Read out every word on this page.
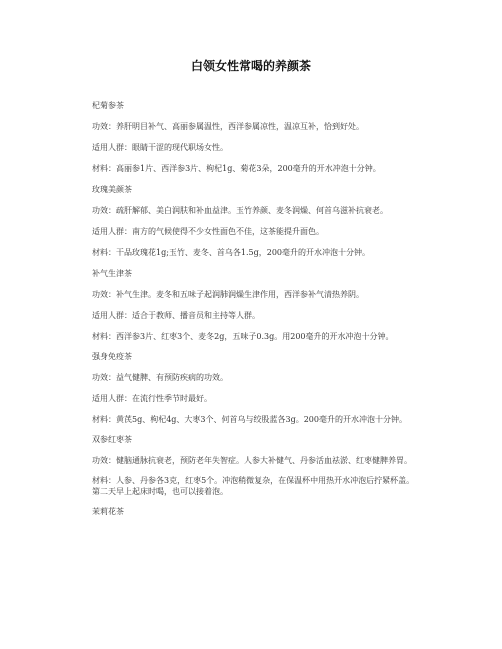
白领女性常喝的养颜茶

杞菊参茶

功效：养肝明目补气、高丽参属温性，西洋参属凉性，温凉互补，恰到好处。

适用人群：眼睛干涩的现代职场女性。

材料：高丽参1片、西洋参3片、枸杞1g、菊花3朵，200毫升的开水冲泡十分钟。

玫瑰美颜茶

功效：疏肝解郁、美白润肤和补血益津。玉竹养颜、麦冬润燥、何首乌滋补抗衰老。

适用人群：南方的气候使得不少女性面色不佳，这茶能提升面色。

材料：干品玫瑰花1g;玉竹、麦冬、首乌各1.5g，200毫升的开水冲泡十分钟。

补气生津茶

功效：补气生津。麦冬和五味子起润肺润燥生津作用，西洋参补气清热养阴。

适用人群：适合于教师、播音员和主持等人群。

材料：西洋参3片、红枣3个、麦冬2g，五味子0.3g。用200毫升的开水冲泡十分钟。

强身免疫茶

功效：益气健脾、有预防疾病的功效。

适用人群：在流行性季节时最好。

材料：黄芪5g、枸杞4g、大枣3个、何首乌与绞股蓝各3g。200毫升的开水冲泡十分钟。

双参红枣茶

功效：健脑通脉抗衰老，预防老年失智症。人参大补健气、丹参活血祛淤、红枣健脾养胃。

材料：人参、丹参各3克，红枣5个。冲泡稍微复杂，在保温杯中用热开水冲泡后拧紧杯盖。第二天早上起床时喝，也可以接着泡。

茉莉花茶
